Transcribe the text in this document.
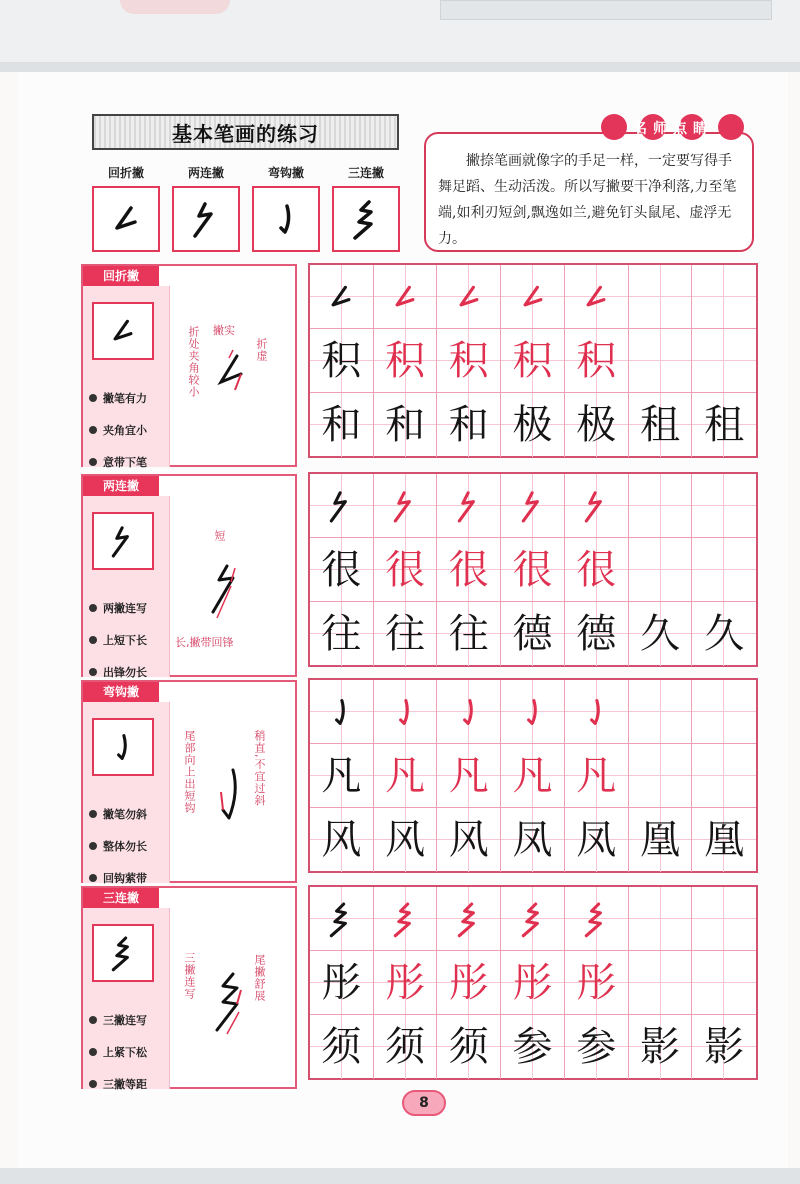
基本笔画的练习
回折撇	两连撇	弯钩撇	三连撇
撇捺笔画就像字的手足一样，一定要写得手舞足蹈、生动活泼。所以写撇要干净利落,力至笔端,如利刃短剑,飘逸如兰,避免钉头鼠尾、虚浮无力。
名师点睛
撇笔有力
夹角宜小
意带下笔
回折撇
折处夹角较小 撇实
折虚
两撇连写
上短下长
出锋勿长
两连撇
短
长,撇带回锋
撇笔勿斜
整体勿长
回钩萦带
弯钩撇
尾部向上出短钩	稍直,不宜过斜
三撇连写
上紧下松
三撇等距
三连撇
三撇连写	尾撇舒展
积 积 积 积 积
和 和 和 极 极 租 租
很 很 很 很 很
往 往 往 德 德 久 久
凡 凡 凡 凡 凡
风 风 风 凤 凤 凰 凰
彤 彤 彤 彤 彤
须 须 须 参 参 影 影
8
